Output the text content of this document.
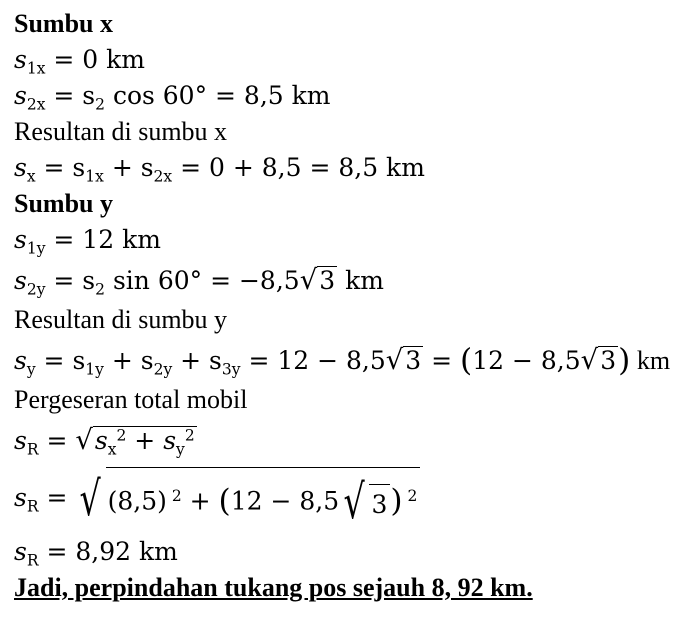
Sumbu x
$s_{1x} = 0$ km
$s_{2x} = s_2$ cos 60° = 8,5 km
Resultan di sumbu x
$s_x = s_{1x} + s_{2x} = 0 + 8,5 = 8,5$ km
Sumbu y
$s_{1y} = 12$ km
$s_{2y} = s_2$ sin 60° = −8,5√3 km
Resultan di sumbu y
$s_y = s_{1y} + s_{2y} + s_{3y} = 12 - 8,5√3 = (12 - 8,5√3)$ km
Pergeseran total mobil
$s_R = √s_x^2 + s_y^2$
$s_R$ = √ (8,5) $^2$ + (12 − 8,5√ 3) $^2$
$s_R = 8,92$ km
Jadi, perpindahan tukang pos sejauh 8, 92 km.
